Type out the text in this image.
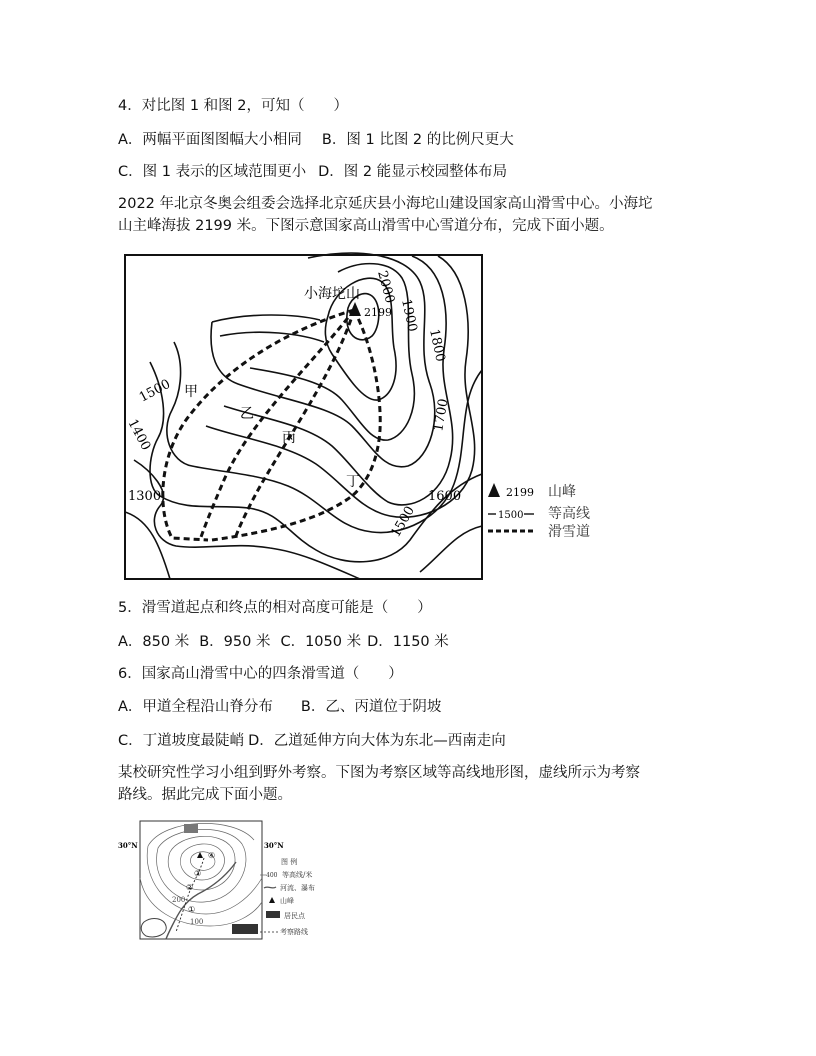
4．对比图 1 和图 2，可知（　　）
A．两幅平面图图幅大小相同 B．图 1 比图 2 的比例尺更大
C．图 1 表示的区域范围更小 D．图 2 能显示校园整体布局
2022 年北京冬奥会组委会选择北京延庆县小海坨山建设国家高山滑雪中心。小海坨
山主峰海拔 2199 米。下图示意国家高山滑雪中心雪道分布，完成下面小题。
小海坨山
2199
2000
1900
1800
1700
1600
1500
1500
1400
1300
甲
乙
丙
丁
2199 山峰
1500 等高线
滑雪道
5．滑雪道起点和终点的相对高度可能是（　　）
A．850 米 B．950 米 C．1050 米 D．1150 米
6．国家高山滑雪中心的四条滑雪道（　　）
A．甲道全程沿山脊分布 B．乙、丙道位于阴坡
C．丁道坡度最陡峭 D．乙道延伸方向大体为东北—西南走向
某校研究性学习小组到野外考察。下图为考察区域等高线地形图，虚线所示为考察
路线。据此完成下面小题。
④
③
②
①
200
100
30°N	30°N
图 例
400 等高线/米
河流、瀑布
山峰
居民点
考察路线
